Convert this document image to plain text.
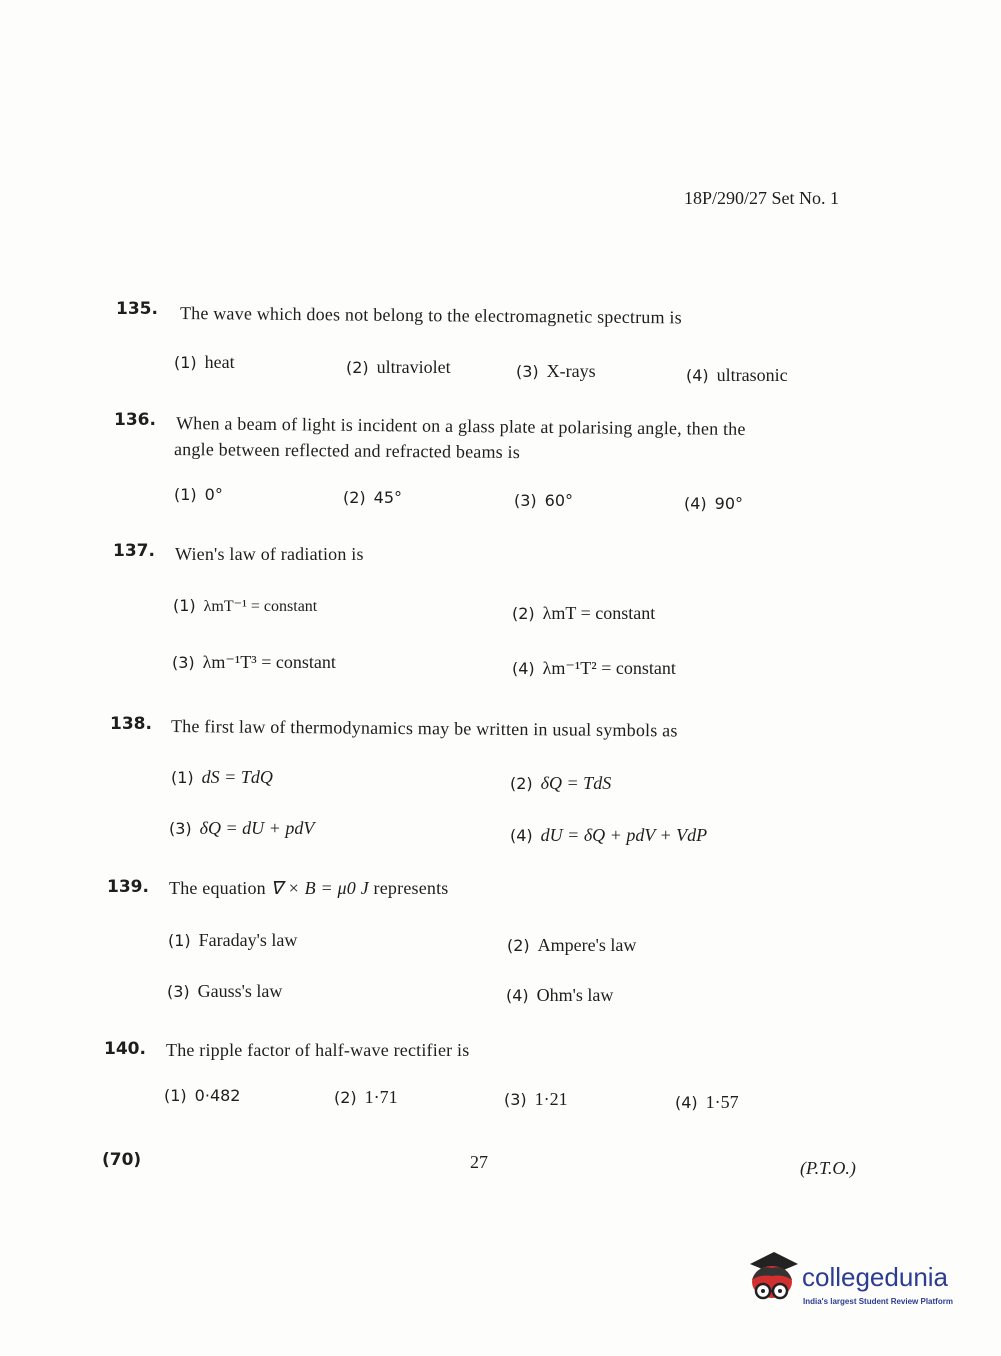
18P/290/27 Set No. 1
135. The wave which does not belong to the electromagnetic spectrum is
(1) heat	(2) ultraviolet	(3) X-rays	(4) ultrasonic
136. When a beam of light is incident on a glass plate at polarising angle, then the
angle between reflected and refracted beams is
(1) 0°	(2) 45°	(3) 60°	(4) 90°
137. Wien's law of radiation is
(1) λmT⁻¹ = constant	(2) λmT = constant
(3) λm⁻¹T³ = constant	(4) λm⁻¹T² = constant
138. The first law of thermodynamics may be written in usual symbols as
(1) dS = TdQ	(2) δQ = TdS
(3) δQ = dU + pdV	(4) dU = δQ + pdV + VdP
139. The equation ∇ × B = μ0 J represents
(1) Faraday's law	(2) Ampere's law
(3) Gauss's law	(4) Ohm's law
140. The ripple factor of half-wave rectifier is
(1) 0·482	(2) 1·71	(3) 1·21	(4) 1·57
(70)	27	(P.T.O.)
collegedunia
India's largest Student Review Platform
